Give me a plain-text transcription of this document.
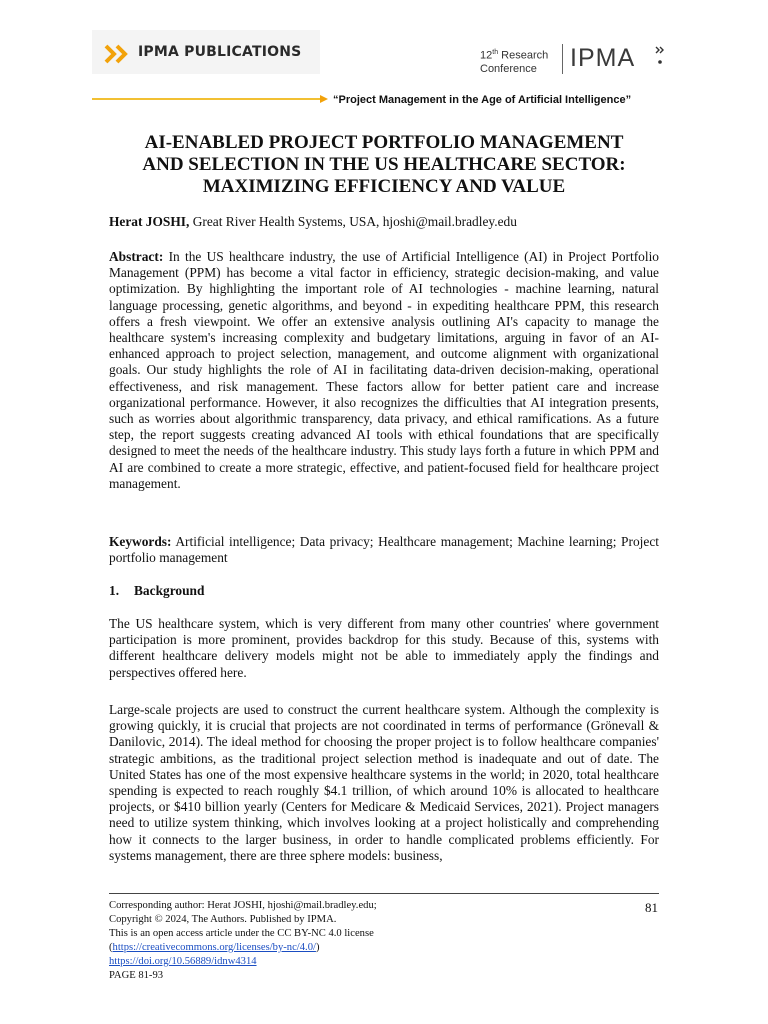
IPMA PUBLICATIONS	12th Research
Conference	IPMA
“Project Management in the Age of Artificial Intelligence”
AI-ENABLED PROJECT PORTFOLIO MANAGEMENT
AND SELECTION IN THE US HEALTHCARE SECTOR:
MAXIMIZING EFFICIENCY AND VALUE
Herat JOSHI, Great River Health Systems, USA, hjoshi@mail.bradley.edu
Abstract: In the US healthcare industry, the use of Artificial Intelligence (AI) in Project Portfolio Management (PPM) has become a vital factor in efficiency, strategic decision-making, and value optimization. By highlighting the important role of AI technologies - machine learning, natural language processing, genetic algorithms, and beyond - in expediting healthcare PPM, this research offers a fresh viewpoint. We offer an extensive analysis outlining AI's capacity to manage the healthcare system's increasing complexity and budgetary limitations, arguing in favor of an AI-enhanced approach to project selection, management, and outcome alignment with organizational goals. Our study highlights the role of AI in facilitating data-driven decision-making, operational effectiveness, and risk management. These factors allow for better patient care and increase organizational performance. However, it also recognizes the difficulties that AI integration presents, such as worries about algorithmic transparency, data privacy, and ethical ramifications. As a future step, the report suggests creating advanced AI tools with ethical foundations that are specifically designed to meet the needs of the healthcare industry. This study lays forth a future in which PPM and AI are combined to create a more strategic, effective, and patient-focused field for healthcare project management.
Keywords: Artificial intelligence; Data privacy; Healthcare management; Machine learning; Project portfolio management
1. Background
The US healthcare system, which is very different from many other countries' where government participation is more prominent, provides backdrop for this study. Because of this, systems with different healthcare delivery models might not be able to immediately apply the findings and perspectives offered here.
Large-scale projects are used to construct the current healthcare system. Although the complexity is growing quickly, it is crucial that projects are not coordinated in terms of performance (Grönevall & Danilovic, 2014). The ideal method for choosing the proper project is to follow healthcare companies' strategic ambitions, as the traditional project selection method is inadequate and out of date. The United States has one of the most expensive healthcare systems in the world; in 2020, total healthcare spending is expected to reach roughly $4.1 trillion, of which around 10% is allocated to healthcare projects, or $410 billion yearly (Centers for Medicare & Medicaid Services, 2021). Project managers need to utilize system thinking, which involves looking at a project holistically and comprehending how it connects to the larger business, in order to handle complicated problems efficiently. For systems management, there are three sphere models: business,
Corresponding author: Herat JOSHI, hjoshi@mail.bradley.edu;
Copyright © 2024, The Authors. Published by IPMA.
This is an open access article under the CC BY-NC 4.0 license
(https://creativecommons.org/licenses/by-nc/4.0/)
https://doi.org/10.56889/idnw4314
PAGE 81-93
81
